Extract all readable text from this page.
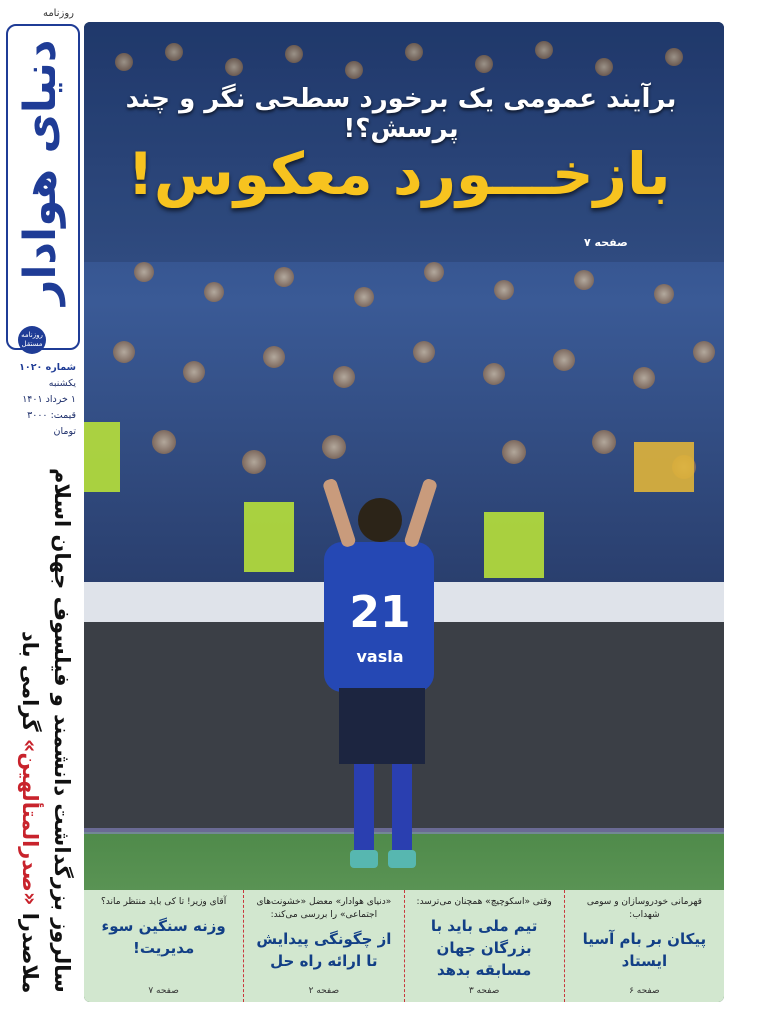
روزنامه
دنیای هوادار
روزنامه مستقل
شماره ۱۰۲۰
یکشنبه
۱ خرداد ۱۴۰۱
قیمت: ۳۰۰۰ تومان
سالروز بزرگداشت دانشمند و فیلسوف جهان اسلام ملاصدرا «صدرالمتألهین» گرامی باد
21
vasla
برآیند عمومی یک برخورد سطحی نگر و چند پرسش؟!
بازخـــورد معکوس!
صفحه ۷
قهرمانی خودروسازان و سومی شهداب:
پیکان بر بام آسیا ایستاد
صفحه ۶
وقتی «اسکوچیچ» همچنان می‌ترسد:
تیم ملی باید با بزرگان جهان مسابقه بدهد
صفحه ۳
«دنیای هوادار» معضل «خشونت‌های اجتماعی» را بررسی می‌کند:
از چگونگی پیدایش تا ارائه راه حل
صفحه ۲
آقای وزیر! تا کی باید منتظر ماند؟
وزنه سنگین سوء مدیریت!
صفحه ۷
